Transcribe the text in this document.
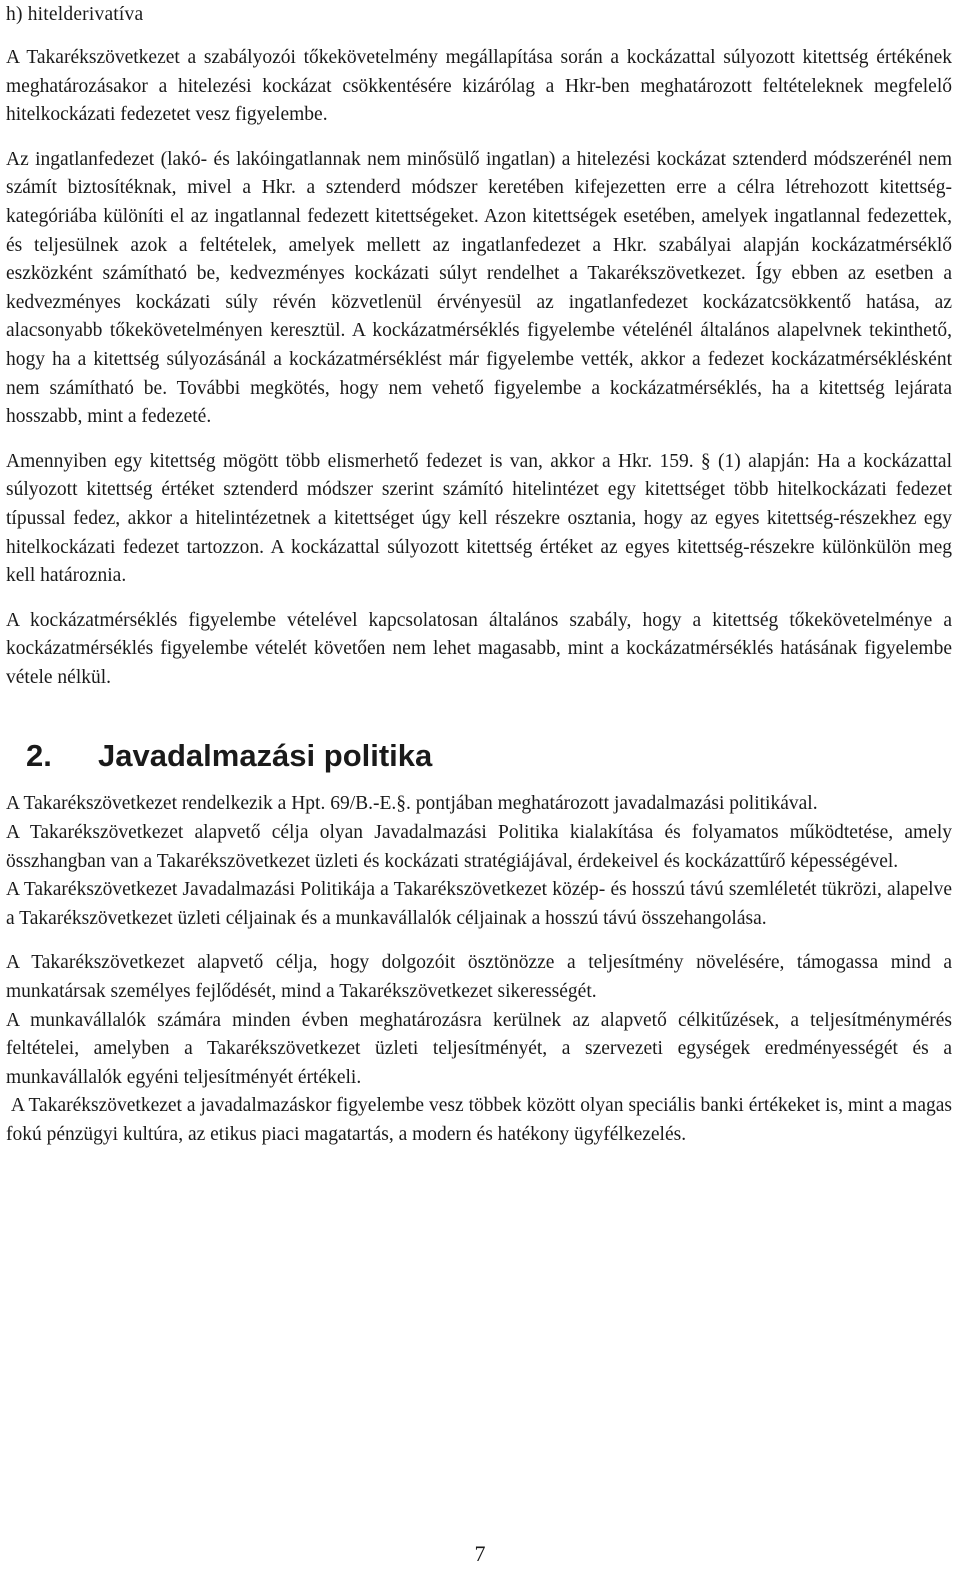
h) hitelderivatíva

A Takarékszövetkezet a szabályozói tőkekövetelmény megállapítása során a kockázattal súlyozott kitettség értékének meghatározásakor a hitelezési kockázat csökkentésére kizárólag a Hkr-ben meghatározott feltételeknek megfelelő hitelkockázati fedezetet vesz figyelembe.

Az ingatlanfedezet (lakó- és lakóingatlannak nem minősülő ingatlan) a hitelezési kockázat sztenderd módszerénél nem számít biztosítéknak, mivel a Hkr. a sztenderd módszer keretében kifejezetten erre a célra létrehozott kitettség-kategóriába különíti el az ingatlannal fedezett kitettségeket. Azon kitettségek esetében, amelyek ingatlannal fedezettek, és teljesülnek azok a feltételek, amelyek mellett az ingatlanfedezet a Hkr. szabályai alapján kockázatmérséklő eszközként számítható be, kedvezményes kockázati súlyt rendelhet a Takarékszövetkezet. Így ebben az esetben a kedvezményes kockázati súly révén közvetlenül érvényesül az ingatlanfedezet kockázatcsökkentő hatása, az alacsonyabb tőkekövetelményen keresztül. A kockázatmérséklés figyelembe vételénél általános alapelvnek tekinthető, hogy ha a kitettség súlyozásánál a kockázatmérséklést már figyelembe vették, akkor a fedezet kockázatmérséklésként nem számítható be. További megkötés, hogy nem vehető figyelembe a kockázatmérséklés, ha a kitettség lejárata hosszabb, mint a fedezeté.

Amennyiben egy kitettség mögött több elismerhető fedezet is van, akkor a Hkr. 159. § (1) alapján: Ha a kockázattal súlyozott kitettség értéket sztenderd módszer szerint számító hitelintézet egy kitettséget több hitelkockázati fedezet típussal fedez, akkor a hitelintézetnek a kitettséget úgy kell részekre osztania, hogy az egyes kitettség-részekhez egy hitelkockázati fedezet tartozzon. A kockázattal súlyozott kitettség értéket az egyes kitettség-részekre különkülön meg kell határoznia.

A kockázatmérséklés figyelembe vételével kapcsolatosan általános szabály, hogy a kitettség tőkekövetelménye a kockázatmérséklés figyelembe vételét követően nem lehet magasabb, mint a kockázatmérséklés hatásának figyelembe vétele nélkül.

2.	Javadalmazási politika

A Takarékszövetkezet rendelkezik a Hpt. 69/B.-E.§. pontjában meghatározott javadalmazási politikával.

A Takarékszövetkezet alapvető célja olyan Javadalmazási Politika kialakítása és folyamatos működtetése, amely összhangban van a Takarékszövetkezet üzleti és kockázati stratégiájával, érdekeivel és kockázattűrő képességével.

A Takarékszövetkezet Javadalmazási Politikája a Takarékszövetkezet közép- és hosszú távú szemléletét tükrözi, alapelve a Takarékszövetkezet üzleti céljainak és a munkavállalók céljainak a hosszú távú összehangolása.

A Takarékszövetkezet alapvető célja, hogy dolgozóit ösztönözze a teljesítmény növelésére, támogassa mind a munkatársak személyes fejlődését, mind a Takarékszövetkezet sikerességét.

A munkavállalók számára minden évben meghatározásra kerülnek az alapvető célkitűzések, a teljesítménymérés feltételei, amelyben a Takarékszövetkezet üzleti teljesítményét, a szervezeti egységek eredményességét és a munkavállalók egyéni teljesítményét értékeli.

A Takarékszövetkezet a javadalmazáskor figyelembe vesz többek között olyan speciális banki értékeket is, mint a magas fokú pénzügyi kultúra, az etikus piaci magatartás, a modern és hatékony ügyfélkezelés.

7
